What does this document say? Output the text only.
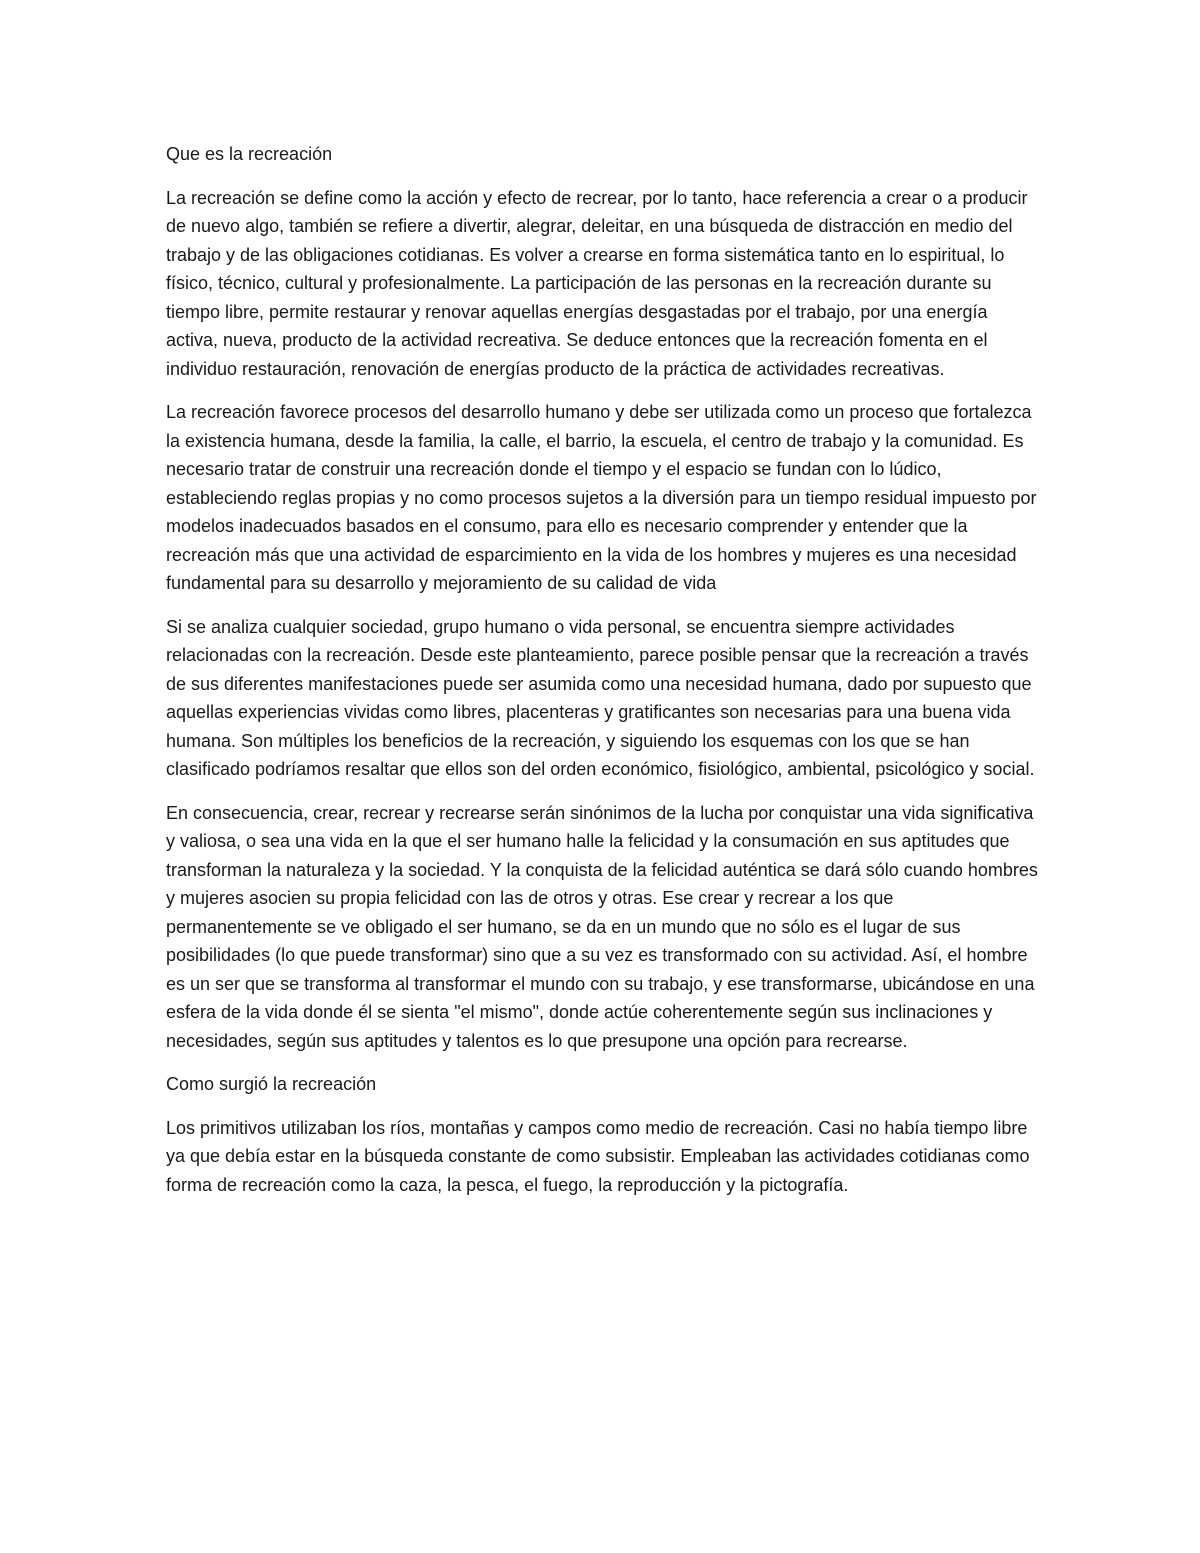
Que es la recreación

La recreación se define como la acción y efecto de recrear, por lo tanto, hace referencia a crear o a producir de nuevo algo, también se refiere a divertir, alegrar, deleitar, en una búsqueda de distracción en medio del trabajo y de las obligaciones cotidianas. Es volver a crearse en forma sistemática tanto en lo espiritual, lo físico, técnico, cultural y profesionalmente. La participación de las personas en la recreación durante su tiempo libre, permite restaurar y renovar aquellas energías desgastadas por el trabajo, por una energía activa, nueva, producto de la actividad recreativa. Se deduce entonces que la recreación fomenta en el individuo restauración, renovación de energías producto de la práctica de actividades recreativas.

La recreación favorece procesos del desarrollo humano y debe ser utilizada como un proceso que fortalezca la existencia humana, desde la familia, la calle, el barrio, la escuela, el centro de trabajo y la comunidad. Es necesario tratar de construir una recreación donde el tiempo y el espacio se fundan con lo lúdico, estableciendo reglas propias y no como procesos sujetos a la diversión para un tiempo residual impuesto por modelos inadecuados basados en el consumo, para ello es necesario comprender y entender que la recreación más que una actividad de esparcimiento en la vida de los hombres y mujeres es una necesidad fundamental para su desarrollo y mejoramiento de su calidad de vida

Si se analiza cualquier sociedad, grupo humano o vida personal, se encuentra siempre actividades relacionadas con la recreación. Desde este planteamiento, parece posible pensar que la recreación a través de sus diferentes manifestaciones puede ser asumida como una necesidad humana, dado por supuesto que aquellas experiencias vividas como libres, placenteras y gratificantes son necesarias para una buena vida humana. Son múltiples los beneficios de la recreación, y siguiendo los esquemas con los que se han clasificado podríamos resaltar que ellos son del orden económico, fisiológico, ambiental, psicológico y social.

En consecuencia, crear, recrear y recrearse serán sinónimos de la lucha por conquistar una vida significativa y valiosa, o sea una vida en la que el ser humano halle la felicidad y la consumación en sus aptitudes que transforman la naturaleza y la sociedad. Y la conquista de la felicidad auténtica se dará sólo cuando hombres y mujeres asocien su propia felicidad con las de otros y otras. Ese crear y recrear a los que permanentemente se ve obligado el ser humano, se da en un mundo que no sólo es el lugar de sus posibilidades (lo que puede transformar) sino que a su vez es transformado con su actividad. Así, el hombre es un ser que se transforma al transformar el mundo con su trabajo, y ese transformarse, ubicándose en una esfera de la vida donde él se sienta "el mismo", donde actúe coherentemente según sus inclinaciones y necesidades, según sus aptitudes y talentos es lo que presupone una opción para recrearse.

Como surgió la recreación

Los primitivos utilizaban los ríos, montañas y campos como medio de recreación. Casi no había tiempo libre ya que debía estar en la búsqueda constante de como subsistir. Empleaban las actividades cotidianas como forma de recreación como la caza, la pesca, el fuego, la reproducción y la pictografía.
